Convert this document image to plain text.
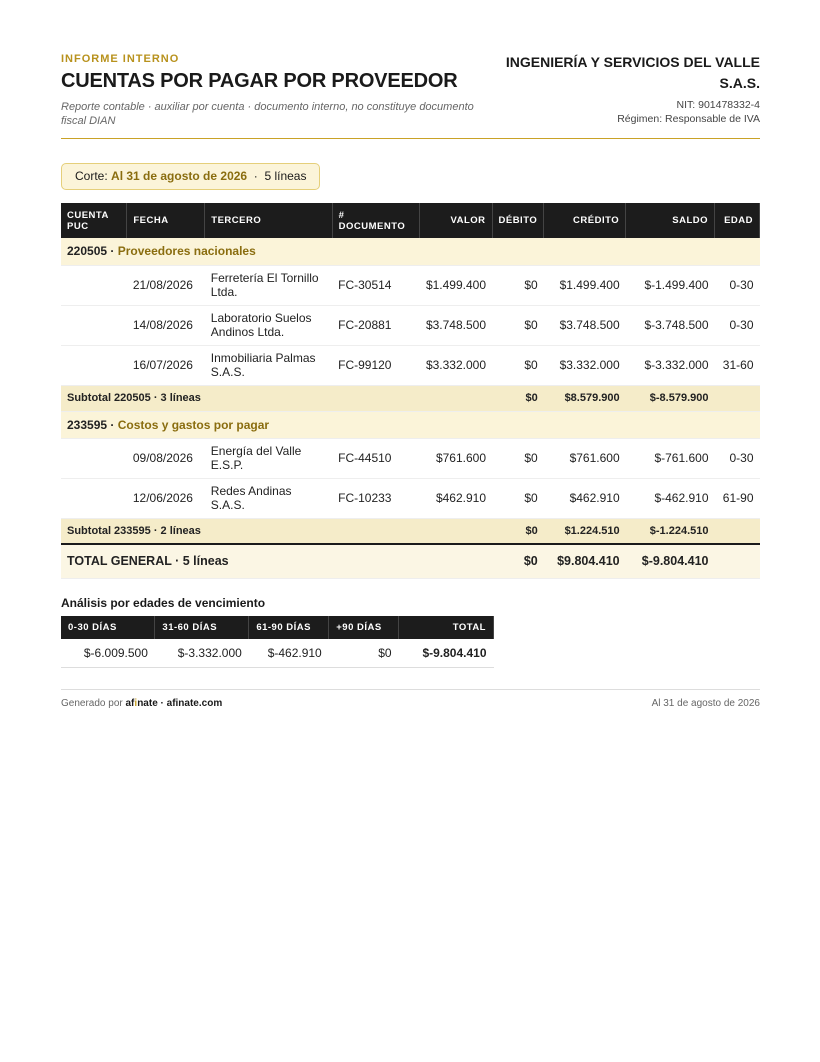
INFORME INTERNO
CUENTAS POR PAGAR POR PROVEEDOR
Reporte contable · auxiliar por cuenta · documento interno, no constituye documento fiscal DIAN
INGENIERÍA Y SERVICIOS DEL VALLE
S.A.S.
NIT: 901478332-4
Régimen: Responsable de IVA
Corte: Al 31 de agosto de 2026 · 5 líneas
CUENTA
PUC	FECHA	TERCERO	#
DOCUMENTO	VALOR	DÉBITO	CRÉDITO	SALDO	EDAD
220505 · Proveedores nacionales								
	21/08/2026	Ferretería El Tornillo
Ltda.	FC-30514	$1.499.400	$0	$1.499.400	$-1.499.400	0-30
	14/08/2026	Laboratorio Suelos
Andinos Ltda.	FC-20881	$3.748.500	$0	$3.748.500	$-3.748.500	0-30
	16/07/2026	Inmobiliaria Palmas
S.A.S.	FC-99120	$3.332.000	$0	$3.332.000	$-3.332.000	31-60
Subtotal 220505 · 3 líneas					$0	$8.579.900	$-8.579.900	
233595 · Costos y gastos por pagar								
	09/08/2026	Energía del Valle
E.S.P.	FC-44510	$761.600	$0	$761.600	$-761.600	0-30
	12/06/2026	Redes Andinas
S.A.S.	FC-10233	$462.910	$0	$462.910	$-462.910	61-90
Subtotal 233595 · 2 líneas					$0	$1.224.510	$-1.224.510	
TOTAL GENERAL · 5 líneas					$0	$9.804.410	$-9.804.410	
Análisis por edades de vencimiento
0-30 DÍAS	31-60 DÍAS	61-90 DÍAS	+90 DÍAS	TOTAL
$-6.009.500	$-3.332.000	$-462.910	$0	$-9.804.410
Generado por afinate · afinate.com	Al 31 de agosto de 2026
